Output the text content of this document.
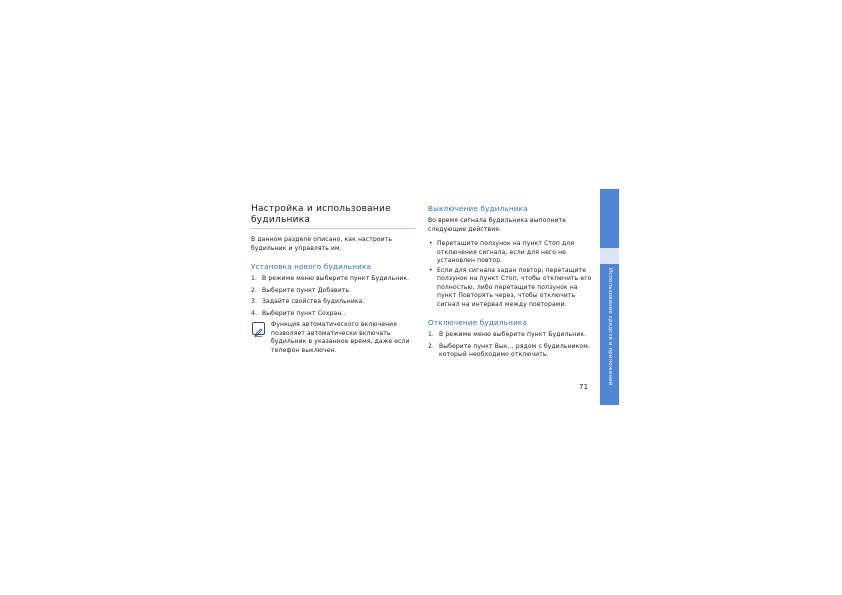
Настройка и использование будильника

В данном разделе описано, как настроить будильник и управлять им.

Установка нового будильника
1. В режиме меню выберите пункт Будильник.
2. Выберите пункт Добавить.
3. Задайте свойства будильника.
4. Выберите пункт Сохран..
Функция автоматического включения позволяет автоматически включать будильник в указанное время, даже если телефон выключен.
Выключение будильника

Во время сигнала будильника выполните следующие действия.

• Перетащите ползунок на пункт Стоп для отключения сигнала, если для него не установлен повтор.
• Если для сигнала задан повтор, перетащите ползунок на пункт Стоп, чтобы отключить его полностью, либо перетащите ползунок на пункт Повторять через, чтобы отключить сигнал на интервал между повторами.
Отключение будильника
1. В режиме меню выберите пункт Будильник.
2. Выберите пункт Вык... рядом с будильником, который необходимо отключить.
71
Использование средств и приложений
